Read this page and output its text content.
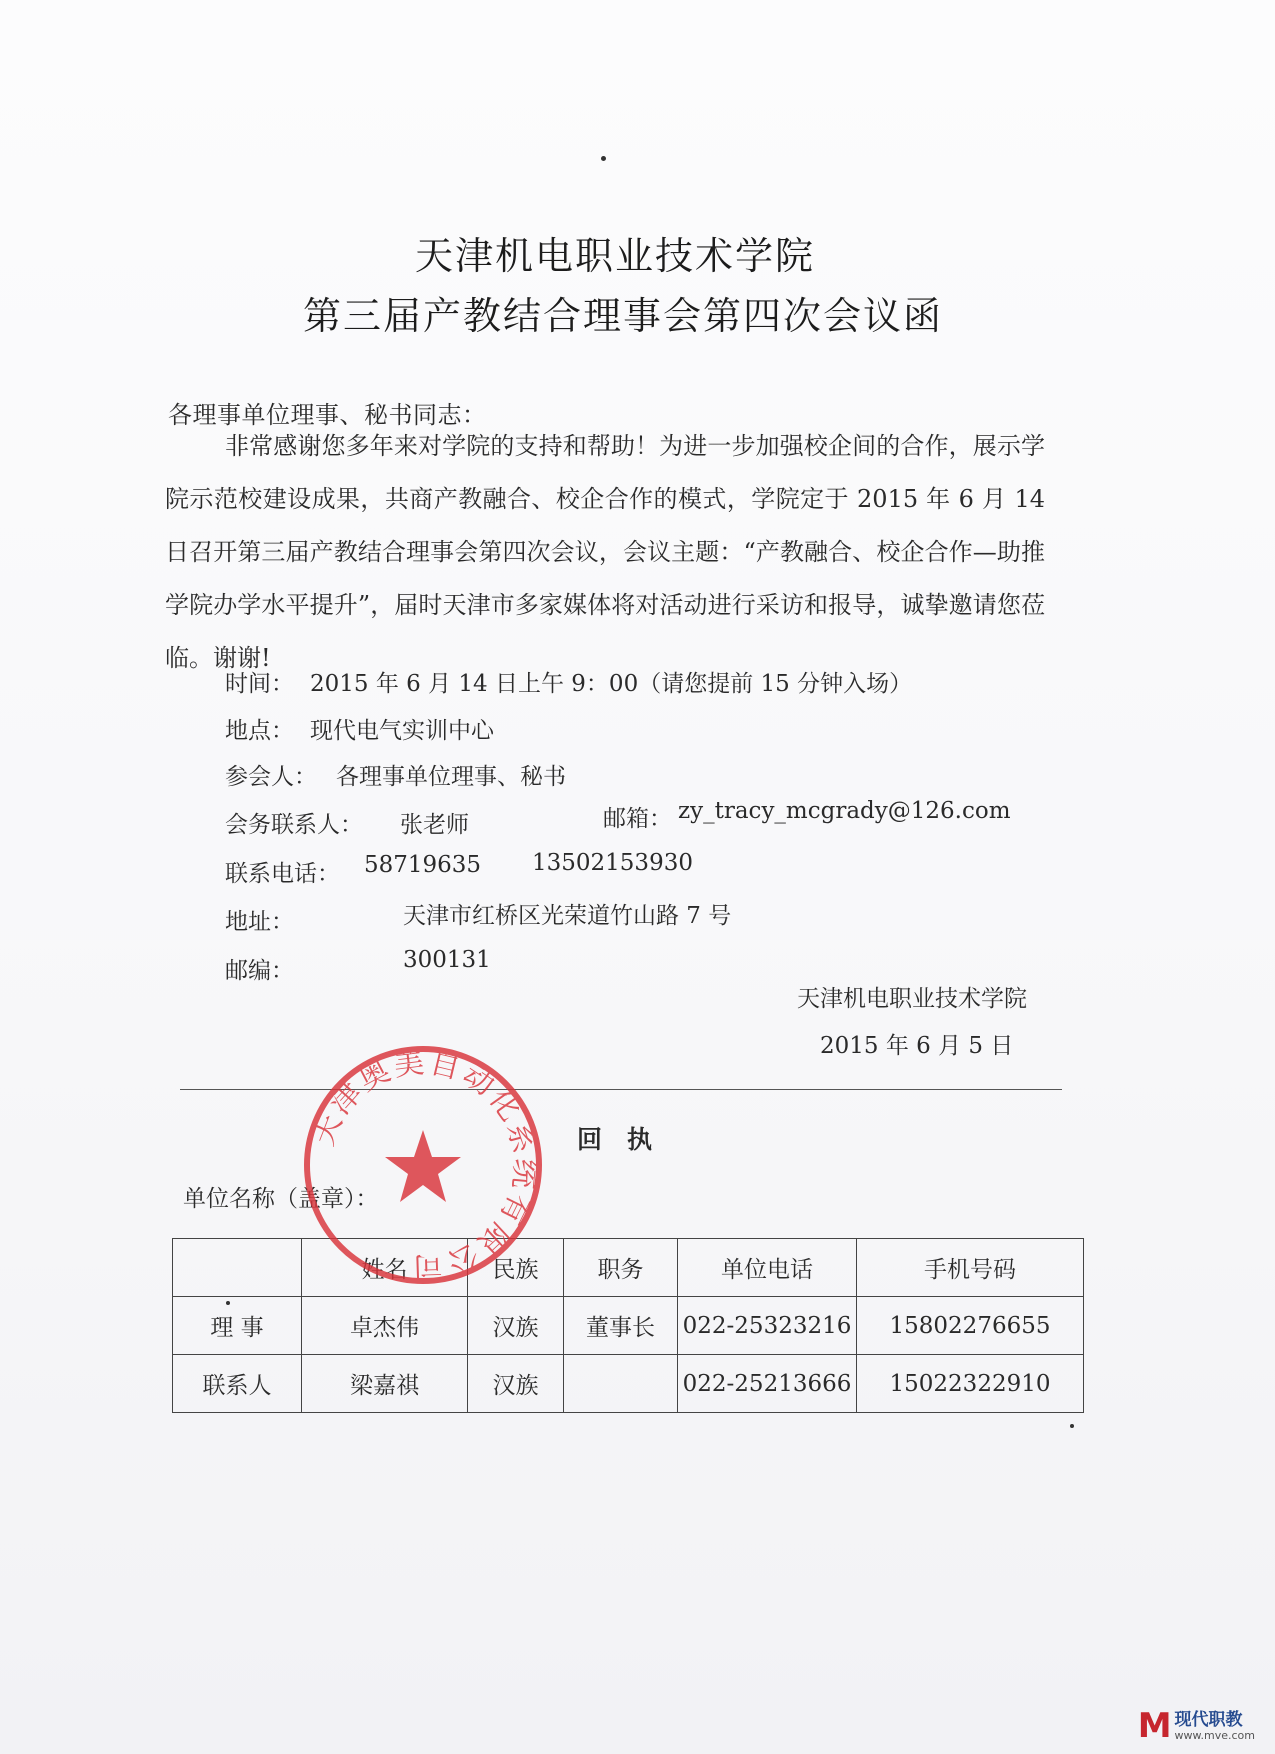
天津机电职业技术学院
第三届产教结合理事会第四次会议函
各理事单位理事、秘书同志：
非常感谢您多年来对学院的支持和帮助！为进一步加强校企间的合作，展示学院示范校建设成果，共商产教融合、校企合作的模式，学院定于 2015 年 6 月 14 日召开第三届产教结合理事会第四次会议，会议主题：“产教融合、校企合作—助推学院办学水平提升”，届时天津市多家媒体将对活动进行采访和报导，诚挚邀请您莅临。谢谢!
时间： 2015 年 6 月 14 日上午 9：00（请您提前 15 分钟入场）
地点： 现代电气实训中心
参会人： 各理事单位理事、秘书
会务联系人： 张老师	邮箱： zy_tracy_mcgrady@126.com
联系电话： 58719635 13502153930
地址：	天津市红桥区光荣道竹山路 7 号
邮编：	300131
天津机电职业技术学院
2015 年 6 月 5 日
回　执
单位名称（盖章）：
	姓名	民族	职务	单位电话	手机号码
理 事	卓杰伟	汉族	董事长	022-25323216	15802276655
联系人	梁嘉祺	汉族		022-25213666	15022322910
天津奥美自动化系统有限公司
M 现代职教
www.mve.com
